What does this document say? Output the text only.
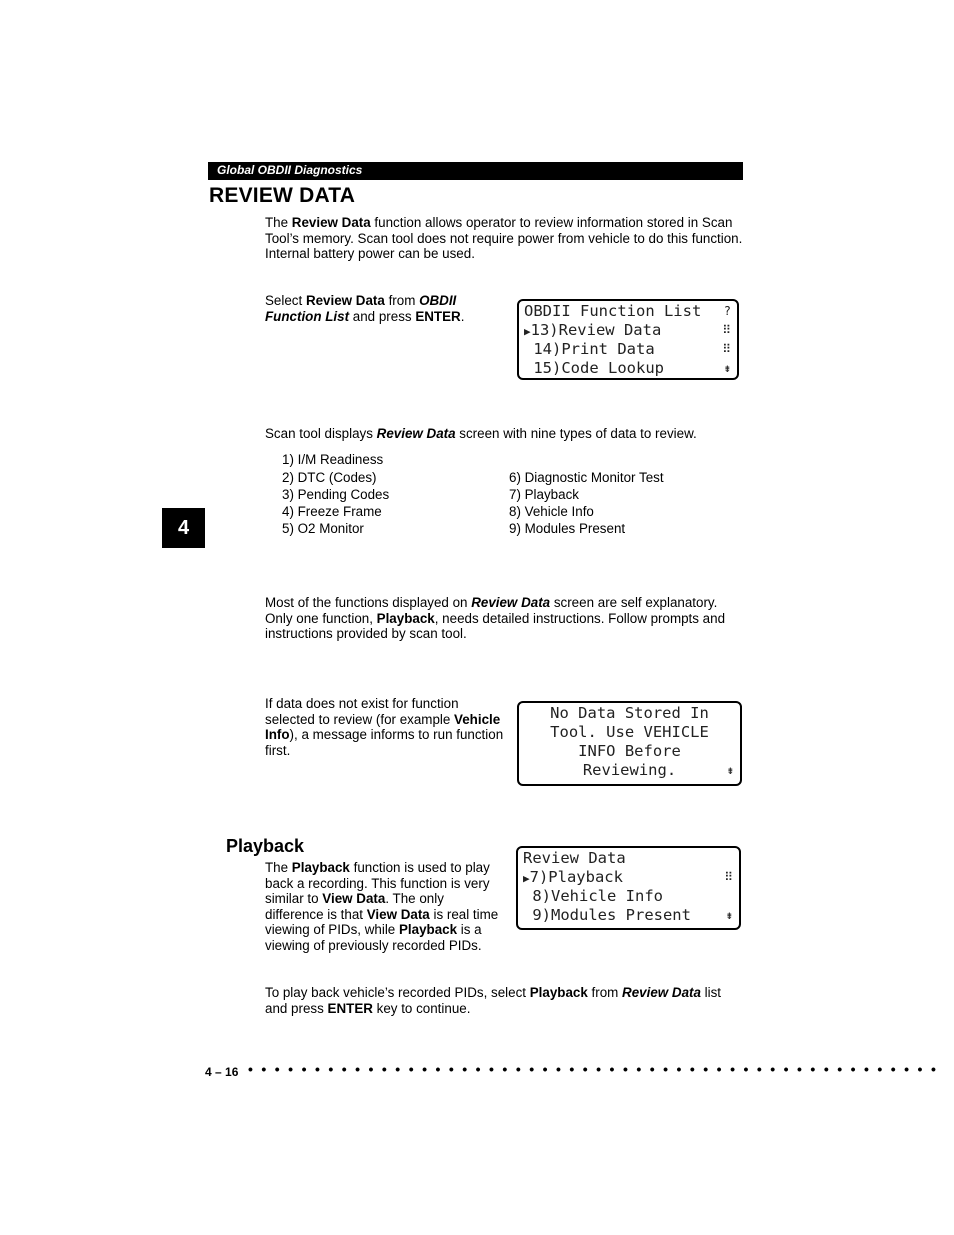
Global OBDII Diagnostics
REVIEW DATA
The Review Data function allows operator to review information stored in Scan Tool’s memory. Scan tool does not require power from vehicle to do this function. Internal battery power can be used.
Select Review Data from OBDII Function List and press ENTER.	OBDII Function List ?
▶13)Review Data	⠿
14)Print Data	⠿
15)Code Lookup	⇟
Scan tool displays Review Data screen with nine types of data to review.
1) I/M Readiness
2) DTC (Codes)
3) Pending Codes
4) Freeze Frame
5) O2 Monitor
6) Diagnostic Monitor Test
7) Playback
8) Vehicle Info
9) Modules Present
4
Most of the functions displayed on Review Data screen are self explanatory. Only one function, Playback, needs detailed instructions. Follow prompts and instructions provided by scan tool.
If data does not exist for function selected to review (for example Vehicle Info), a message informs to run function first.
No Data Stored In
Tool. Use VEHICLE
INFO Before
Reviewing.	⇟
Playback
The Playback function is used to play back a recording. This function is very similar to View Data. The only difference is that View Data is real time viewing of PIDs, while Playback is a viewing of previously recorded PIDs.
Review Data
▶7)Playback	⠿
8)Vehicle Info
9)Modules Present	⇟
To play back vehicle’s recorded PIDs, select Playback from Review Data list and press ENTER key to continue.
4 – 16 • • • • • • • • • • • • • • • • • • • • • • • • • • • • • • • • • • • • • • • • • • • • • • • • • • • •
